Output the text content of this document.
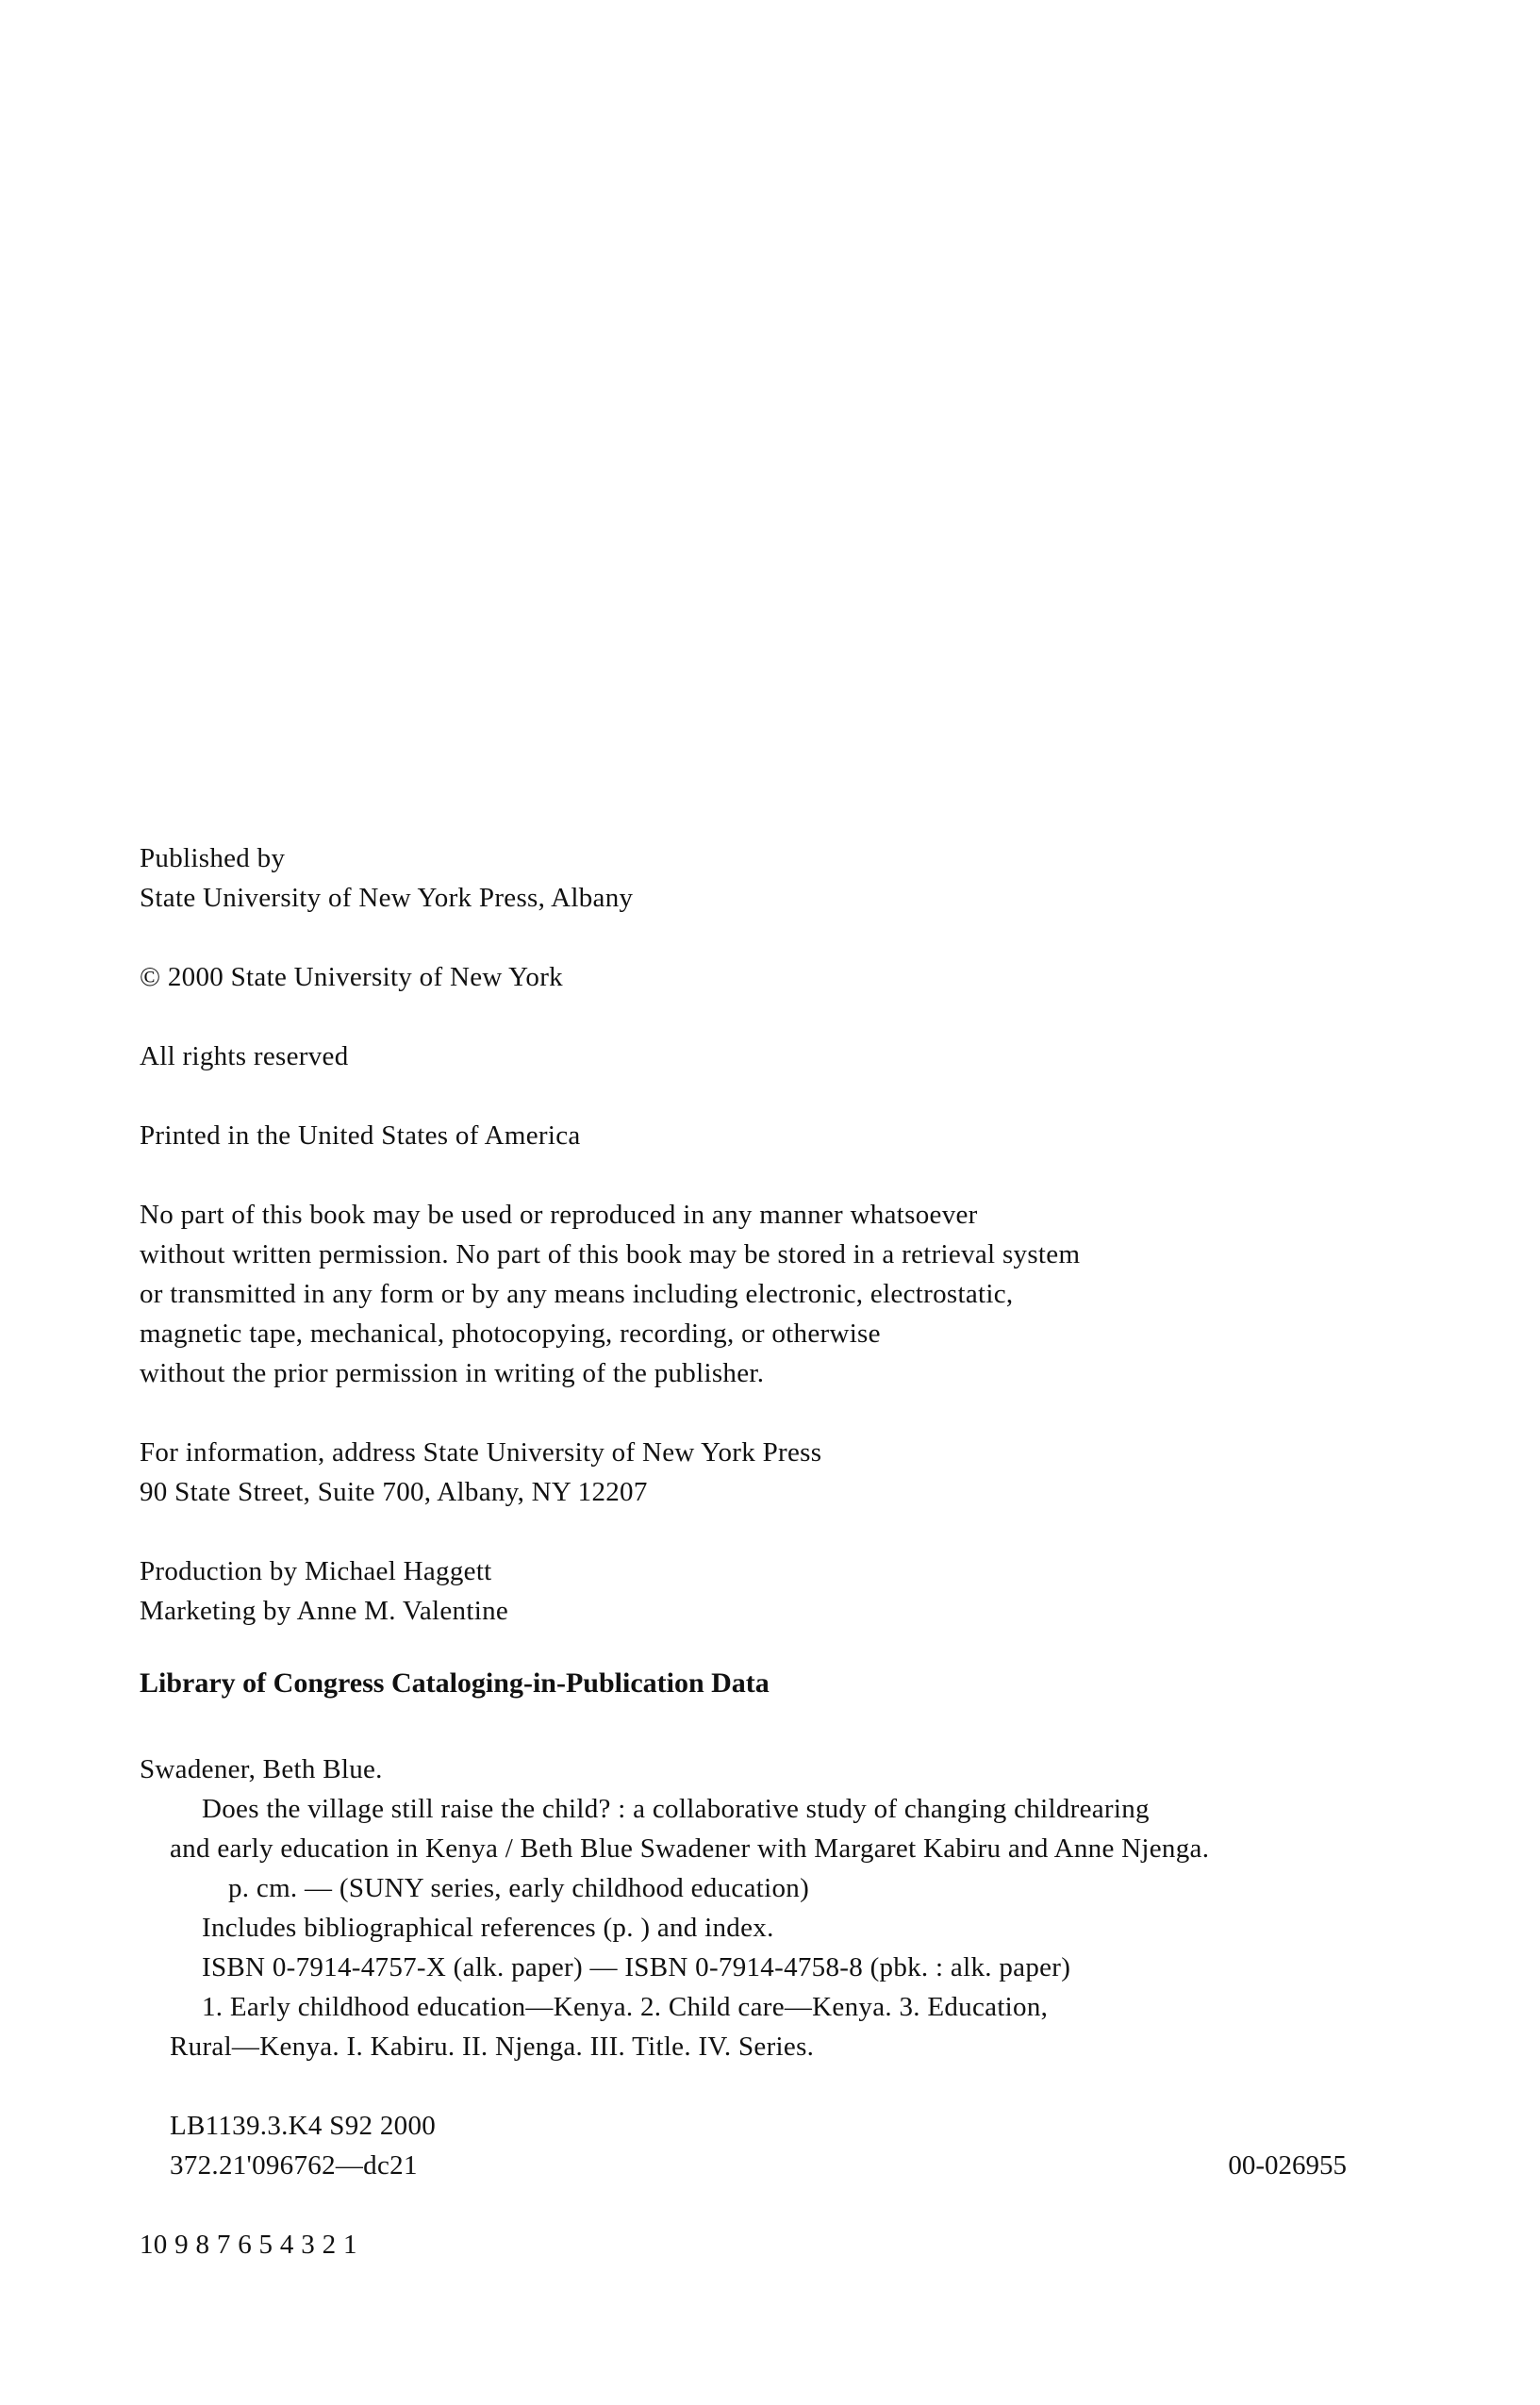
Published by
State University of New York Press, Albany
© 2000 State University of New York
All rights reserved
Printed in the United States of America
No part of this book may be used or reproduced in any manner whatsoever
without written permission. No part of this book may be stored in a retrieval system
or transmitted in any form or by any means including electronic, electrostatic,
magnetic tape, mechanical, photocopying, recording, or otherwise
without the prior permission in writing of the publisher.
For information, address State University of New York Press
90 State Street, Suite 700, Albany, NY 12207
Production by Michael Haggett
Marketing by Anne M. Valentine
Library of Congress Cataloging-in-Publication Data
Swadener, Beth Blue.
Does the village still raise the child? : a collaborative study of changing childrearing
and early education in Kenya / Beth Blue Swadener with Margaret Kabiru and Anne Njenga.
p. cm. — (SUNY series, early childhood education)
Includes bibliographical references (p. ) and index.
ISBN 0-7914-4757-X (alk. paper) — ISBN 0-7914-4758-8 (pbk. : alk. paper)
1. Early childhood education—Kenya. 2. Child care—Kenya. 3. Education,
Rural—Kenya. I. Kabiru. II. Njenga. III. Title. IV. Series.
LB1139.3.K4 S92 2000
372.21'096762—dc21	00-026955
10 9 8 7 6 5 4 3 2 1
